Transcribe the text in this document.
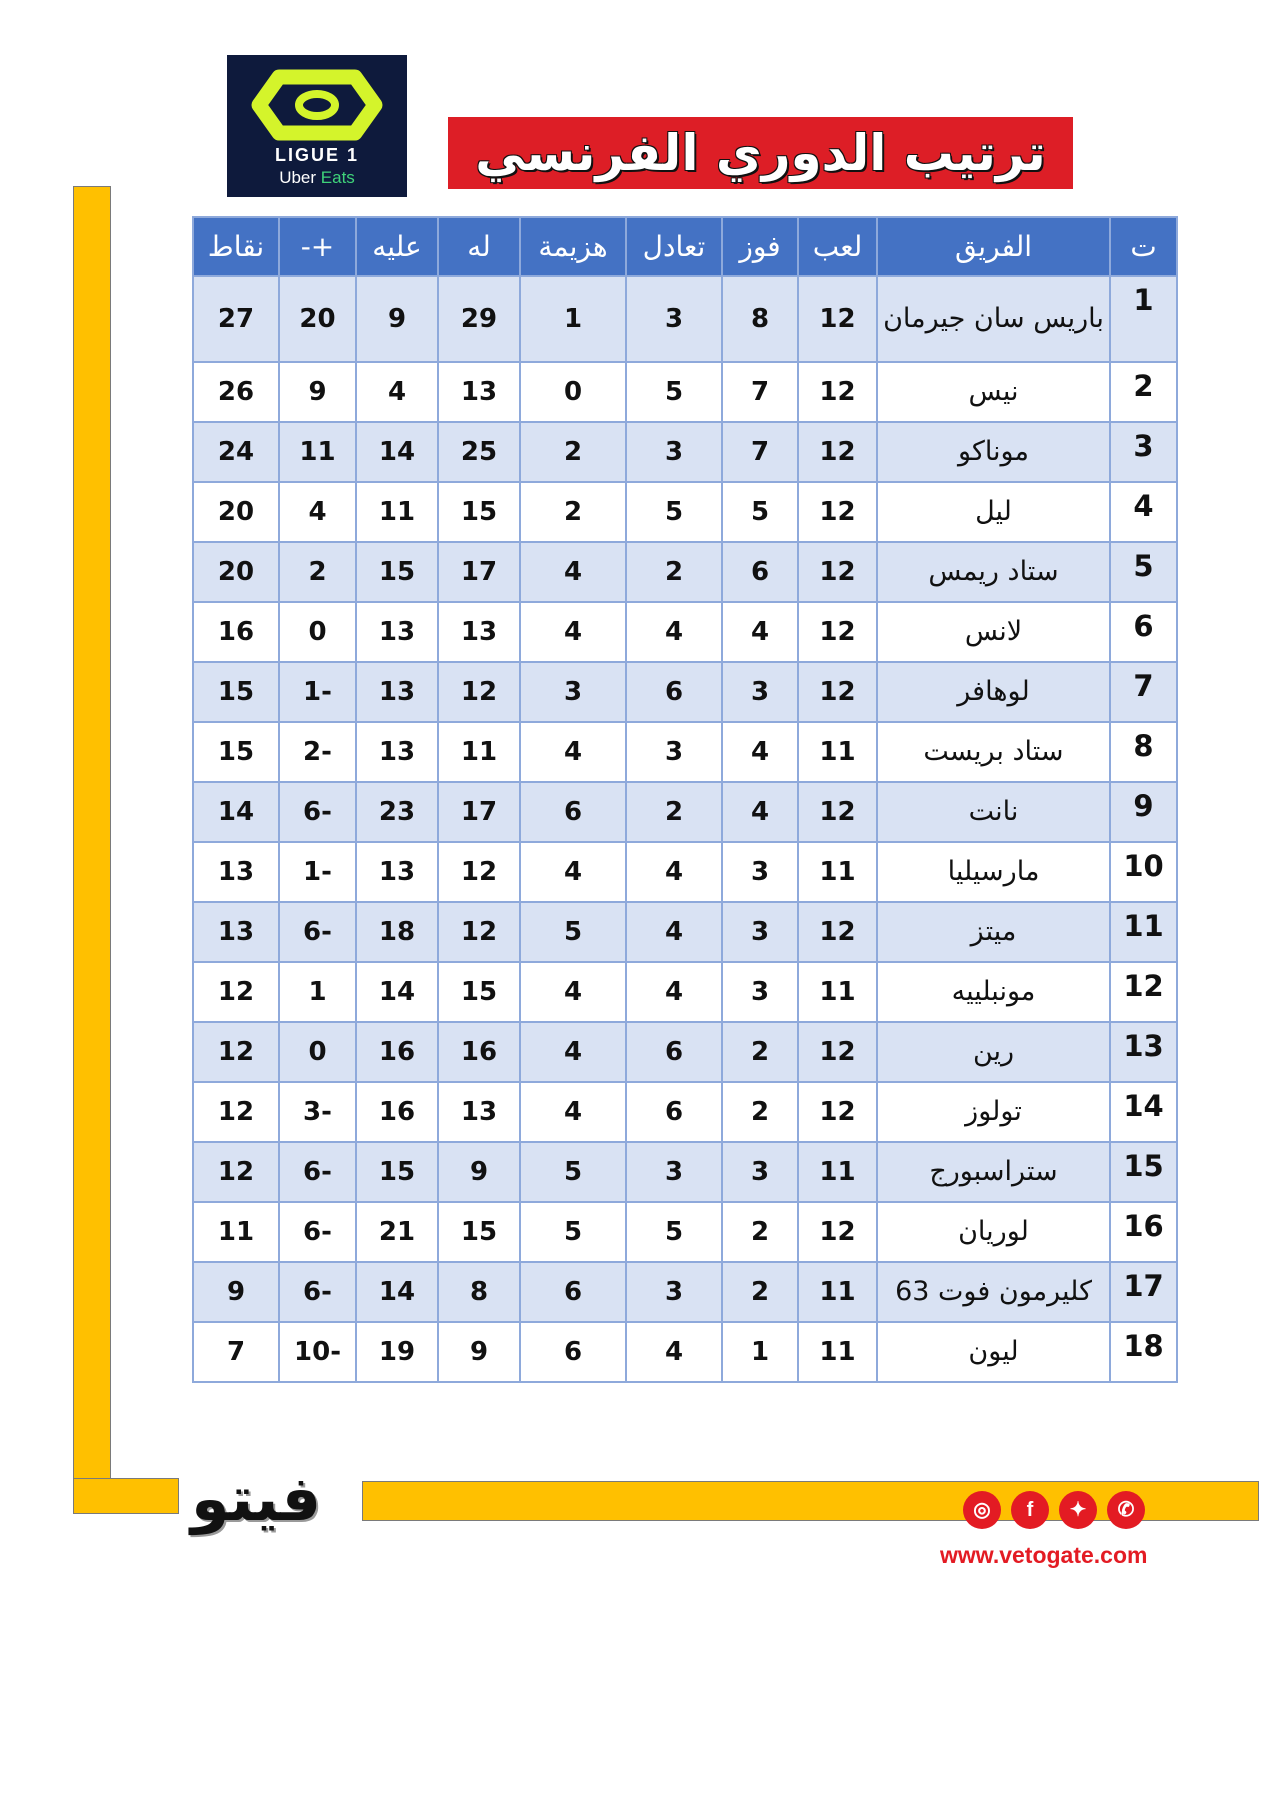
LIGUE 1
Uber Eats	ترتيب الدوري الفرنسي
ت	الفريق	لعب	فوز	تعادل	هزيمة	له	عليه	+-	نقاط
1	باريس سان جيرمان	12	8	3	1	29	9	20	27
2	نيس	12	7	5	0	13	4	9	26
3	موناكو	12	7	3	2	25	14	11	24
4	ليل	12	5	5	2	15	11	4	20
5	ستاد ريمس	12	6	2	4	17	15	2	20
6	لانس	12	4	4	4	13	13	0	16
7	لوهافر	12	3	6	3	12	13	-1	15
8	ستاد بريست	11	4	3	4	11	13	-2	15
9	نانت	12	4	2	6	17	23	-6	14
10	مارسيليا	11	3	4	4	12	13	-1	13
11	ميتز	12	3	4	5	12	18	-6	13
12	مونبلييه	11	3	4	4	15	14	1	12
13	رين	12	2	6	4	16	16	0	12
14	تولوز	12	2	6	4	13	16	-3	12
15	ستراسبورج	11	3	3	5	9	15	-6	12
16	لوريان	12	2	5	5	15	21	-6	11
17	كليرمون فوت 63	11	2	3	6	8	14	-6	9
18	ليون	11	1	4	6	9	19	-10	7
فيتو	◎	f	✦	✆
www.vetogate.com
